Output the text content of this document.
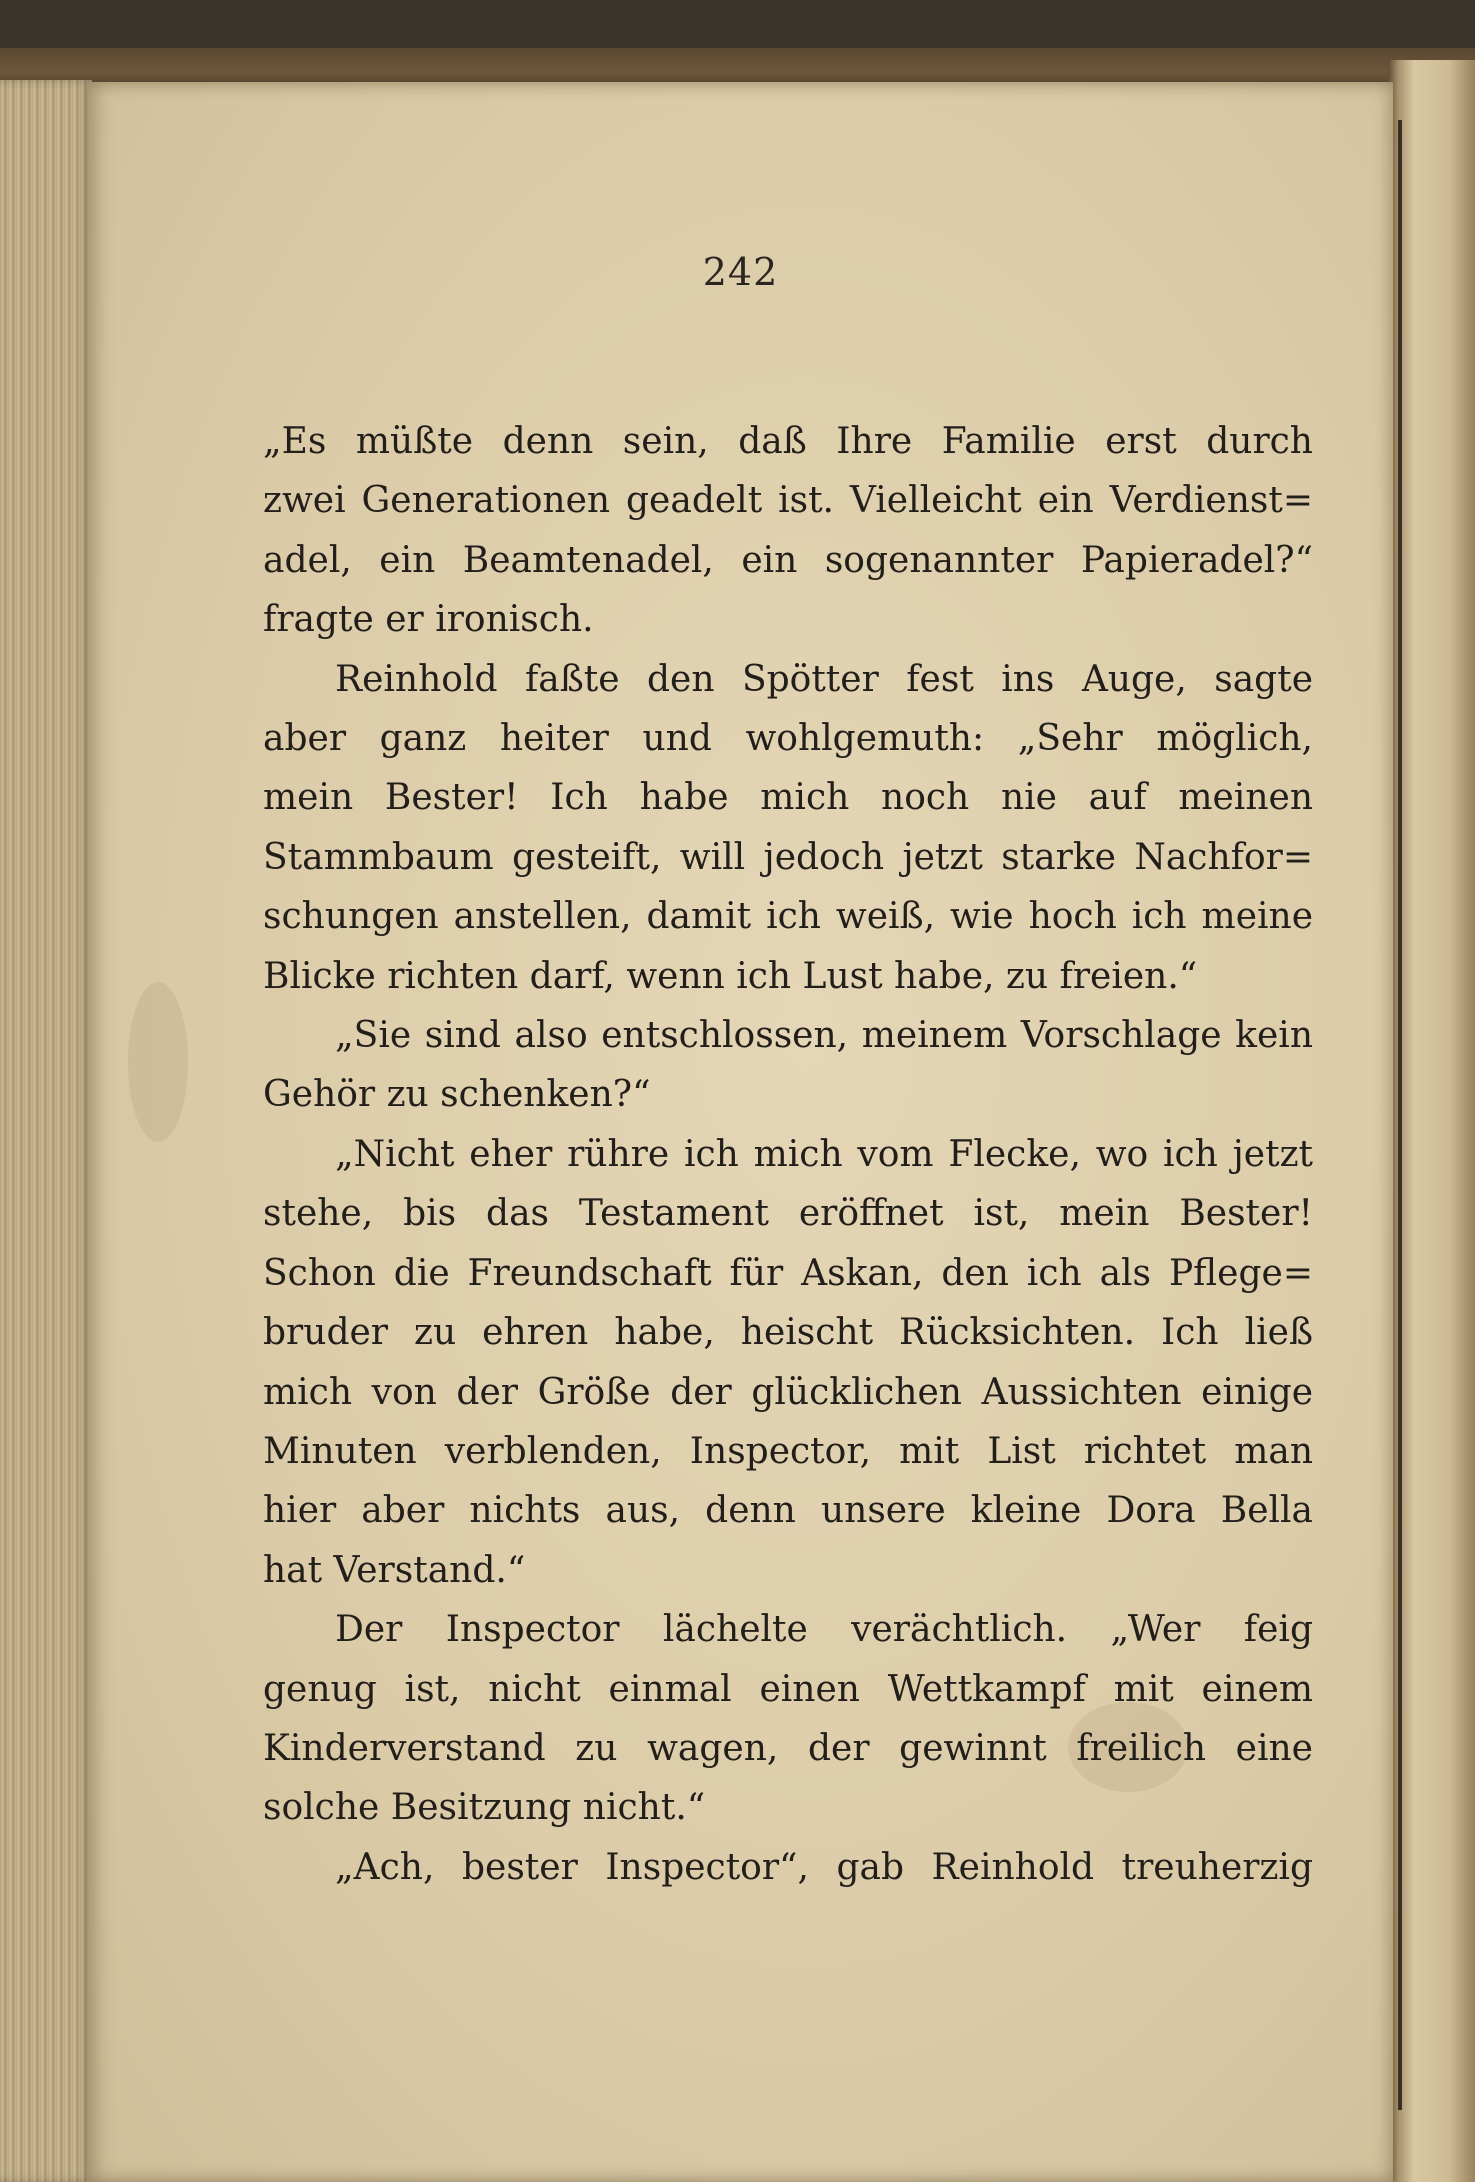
242
„Es müßte denn sein, daß Ihre Familie erst durch
zwei Generationen geadelt ist. Vielleicht ein Verdienst=
adel, ein Beamtenadel, ein sogenannter Papieradel?“
fragte er ironisch.
Reinhold faßte den Spötter fest ins Auge, sagte
aber ganz heiter und wohlgemuth: „Sehr möglich,
mein Bester! Ich habe mich noch nie auf meinen
Stammbaum gesteift, will jedoch jetzt starke Nachfor=
schungen anstellen, damit ich weiß, wie hoch ich meine
Blicke richten darf, wenn ich Lust habe, zu freien.“
„Sie sind also entschlossen, meinem Vorschlage kein
Gehör zu schenken?“
„Nicht eher rühre ich mich vom Flecke, wo ich jetzt
stehe, bis das Testament eröffnet ist, mein Bester!
Schon die Freundschaft für Askan, den ich als Pflege=
bruder zu ehren habe, heischt Rücksichten. Ich ließ
mich von der Größe der glücklichen Aussichten einige
Minuten verblenden, Inspector, mit List richtet man
hier aber nichts aus, denn unsere kleine Dora Bella
hat Verstand.“
Der Inspector lächelte verächtlich. „Wer feig
genug ist, nicht einmal einen Wettkampf mit einem
Kinderverstand zu wagen, der gewinnt freilich eine
solche Besitzung nicht.“
„Ach, bester Inspector“, gab Reinhold treuherzig
